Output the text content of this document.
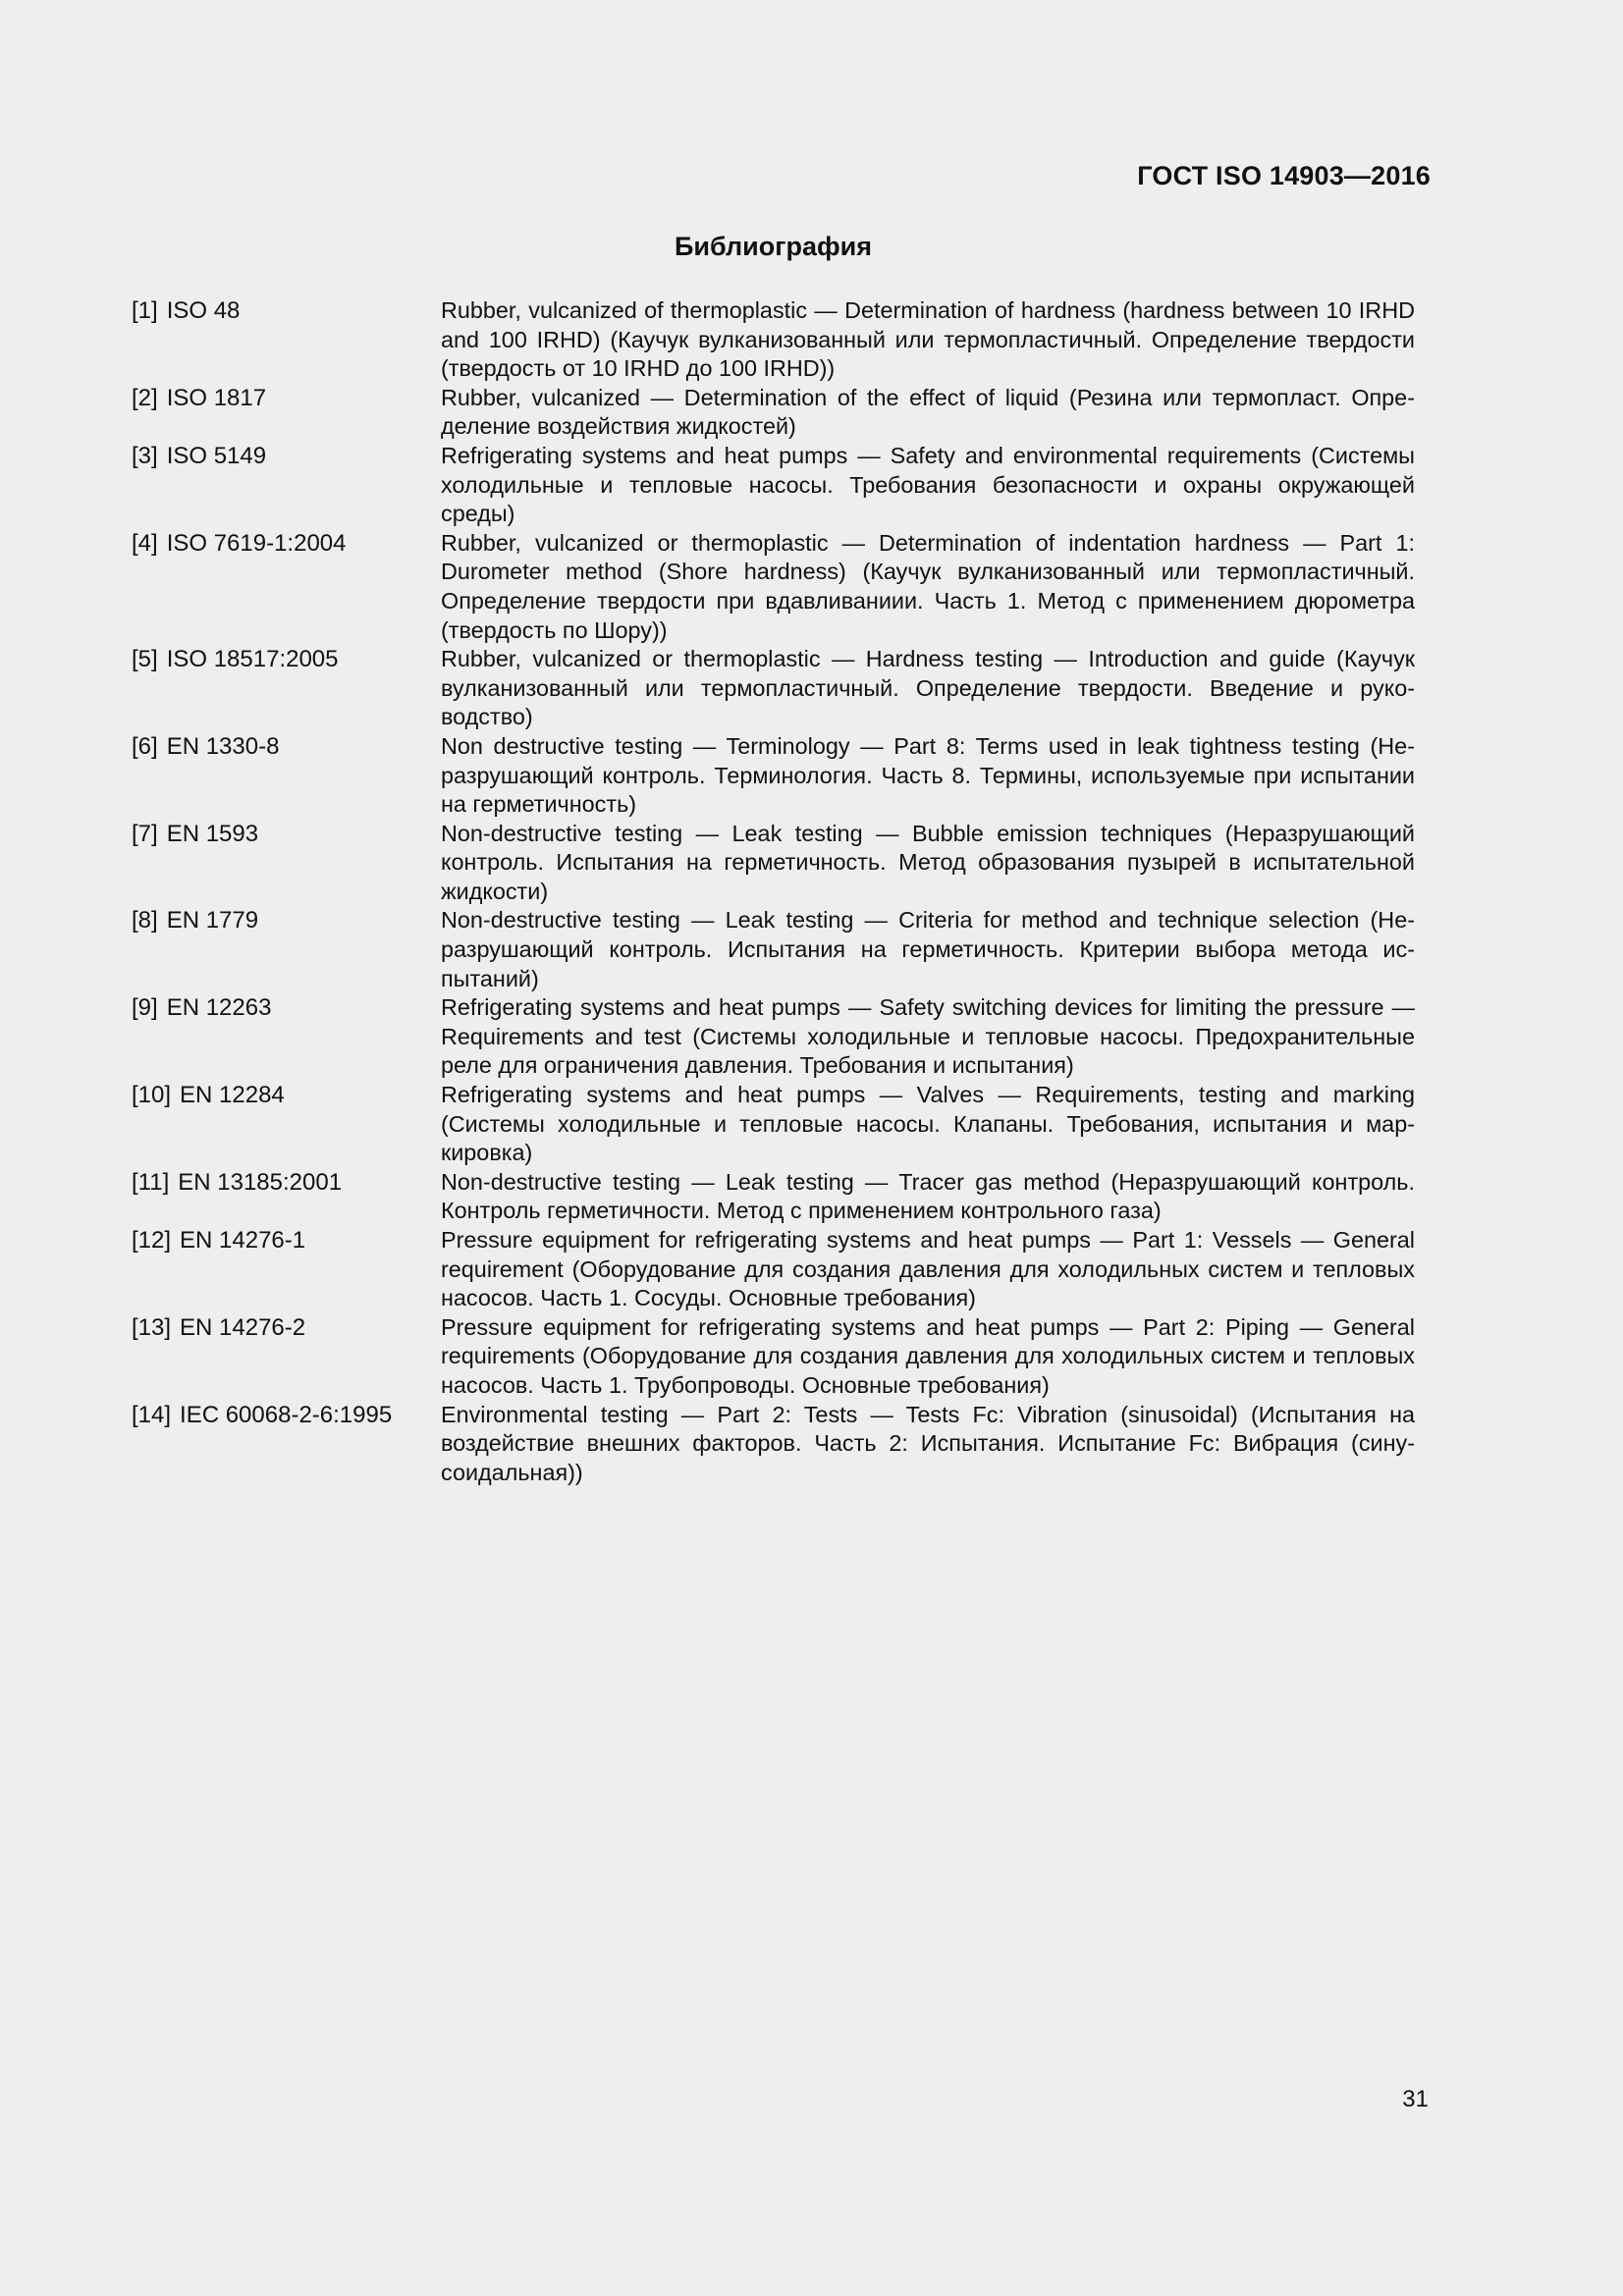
ГОСТ ISO 14903—2016
Библиография
[1] ISO 48	Rubber, vulcanized of thermoplastic — Determination of hardness (hardness between 10 IRHD and 100 IRHD) (Каучук вулканизованный или термопластичный. Определение твердости (твердость от 10 IRHD до 100 IRHD))
[2] ISO 1817	Rubber, vulcanized — Determination of the effect of liquid (Резина или термопласт. Определение воздействия жидкостей)
[3] ISO 5149	Refrigerating systems and heat pumps — Safety and environmental requirements (Системы холодильные и тепловые насосы. Требования безопасности и охраны окружающей среды)
[4] ISO 7619-1:2004	Rubber, vulcanized or thermoplastic — Determination of indentation hardness — Part 1: Durometer method (Shore hardness) (Каучук вулканизованный или термопластичный. Определение твердости при вдавливаниии. Часть 1. Метод с применением дюрометра (твердость по Шору))
[5] ISO 18517:2005	Rubber, vulcanized or thermoplastic — Hardness testing — Introduction and guide (Каучук вулканизованный или термопластичный. Определение твердости. Введение и руководство)
[6] EN 1330-8	Non destructive testing — Terminology — Part 8: Terms used in leak tightness testing (Неразрушающий контроль. Терминология. Часть 8. Термины, используемые при испытании на герметичность)
[7] EN 1593	Non-destructive testing — Leak testing — Bubble emission techniques (Неразрушающий контроль. Испытания на герметичность. Метод образования пузырей в испытательной жидкости)
[8] EN 1779	Non-destructive testing — Leak testing — Criteria for method and technique selection (Неразрушающий контроль. Испытания на герметичность. Критерии выбора метода испытаний)
[9] EN 12263	Refrigerating systems and heat pumps — Safety switching devices for limiting the pressure — Requirements and test (Системы холодильные и тепловые насосы. Предохранительные реле для ограничения давления. Требования и испытания)
[10] EN 12284	Refrigerating systems and heat pumps — Valves — Requirements, testing and marking (Системы холодильные и тепловые насосы. Клапаны. Требования, испытания и маркировка)
[11] EN 13185:2001	Non-destructive testing — Leak testing — Tracer gas method (Неразрушающий контроль. Контроль герметичности. Метод с применением контрольного газа)
[12] EN 14276-1	Pressure equipment for refrigerating systems and heat pumps — Part 1: Vessels — General requirement (Оборудование для создания давления для холодильных систем и тепловых насосов. Часть 1. Сосуды. Основные требования)
[13] EN 14276-2	Pressure equipment for refrigerating systems and heat pumps — Part 2: Piping — General requirements (Оборудование для создания давления для холодильных систем и тепловых насосов. Часть 1. Трубопроводы. Основные требования)
[14] IEC 60068-2-6:1995	Environmental testing — Part 2: Tests — Tests Fc: Vibration (sinusoidal) (Испытания на воздействие внешних факторов. Часть 2: Испытания. Испытание Fc: Вибрация (синусоидальная))
31
